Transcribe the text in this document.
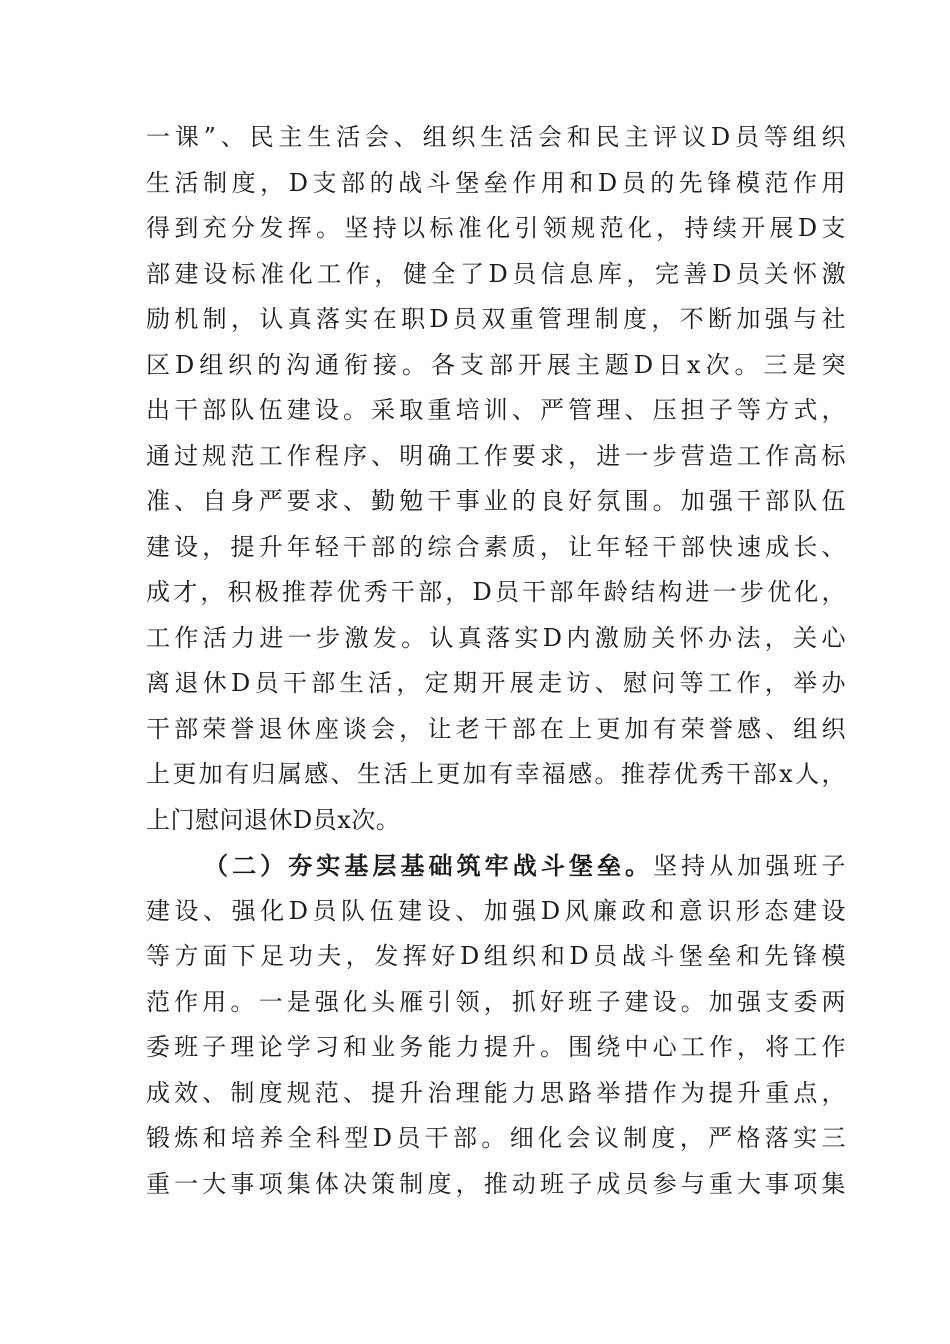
一课”、民主生活会、组织生活会和民主评议D员等组织
生活制度，D支部的战斗堡垒作用和D员的先锋模范作用
得到充分发挥。坚持以标准化引领规范化，持续开展D支
部建设标准化工作，健全了D员信息库，完善D员关怀激
励机制，认真落实在职D员双重管理制度，不断加强与社
区D组织的沟通衔接。各支部开展主题D日x次。三是突
出干部队伍建设。采取重培训、严管理、压担子等方式，
通过规范工作程序、明确工作要求，进一步营造工作高标
准、自身严要求、勤勉干事业的良好氛围。加强干部队伍
建设，提升年轻干部的综合素质，让年轻干部快速成长、
成才，积极推荐优秀干部，D员干部年龄结构进一步优化，
工作活力进一步激发。认真落实D内激励关怀办法，关心
离退休D员干部生活，定期开展走访、慰问等工作，举办
干部荣誉退休座谈会，让老干部在上更加有荣誉感、组织
上更加有归属感、生活上更加有幸福感。推荐优秀干部x人，
上门慰问退休D员x次。
（二）夯实基层基础筑牢战斗堡垒。坚持从加强班子
建设、强化D员队伍建设、加强D风廉政和意识形态建设
等方面下足功夫，发挥好D组织和D员战斗堡垒和先锋模
范作用。一是强化头雁引领，抓好班子建设。加强支委两
委班子理论学习和业务能力提升。围绕中心工作，将工作
成效、制度规范、提升治理能力思路举措作为提升重点，
锻炼和培养全科型D员干部。细化会议制度，严格落实三
重一大事项集体决策制度，推动班子成员参与重大事项集
